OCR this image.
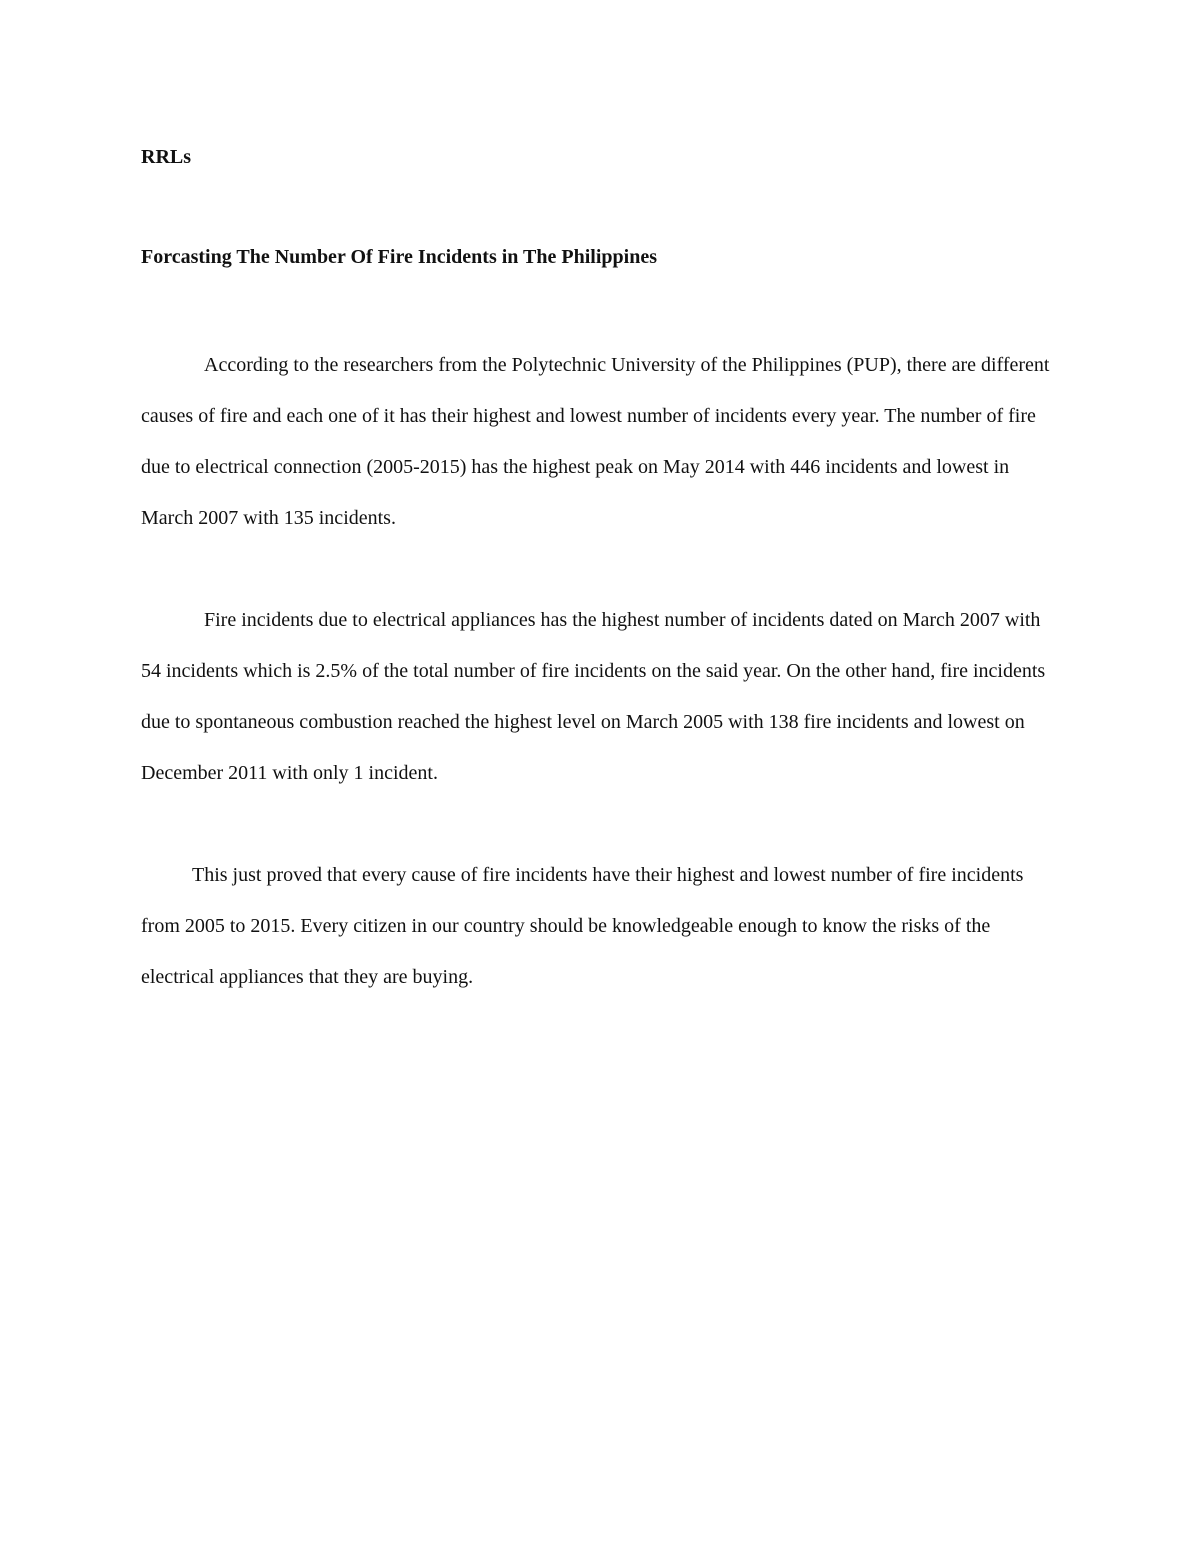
RRLs
Forcasting The Number Of Fire Incidents in The Philippines

According to the researchers from the Polytechnic University of the Philippines (PUP), there are different causes of fire and each one of it has their highest and lowest number of incidents every year. The number of fire due to electrical connection (2005-2015) has the highest peak on May 2014 with 446 incidents and lowest in March 2007 with 135 incidents.

Fire incidents due to electrical appliances has the highest number of incidents dated on March 2007 with 54 incidents which is 2.5% of the total number of fire incidents on the said year. On the other hand, fire incidents due to spontaneous combustion reached the highest level on March 2005 with 138 fire incidents and lowest on December 2011 with only 1 incident.

This just proved that every cause of fire incidents have their highest and lowest number of fire incidents from 2005 to 2015. Every citizen in our country should be knowledgeable enough to know the risks of the electrical appliances that they are buying.
